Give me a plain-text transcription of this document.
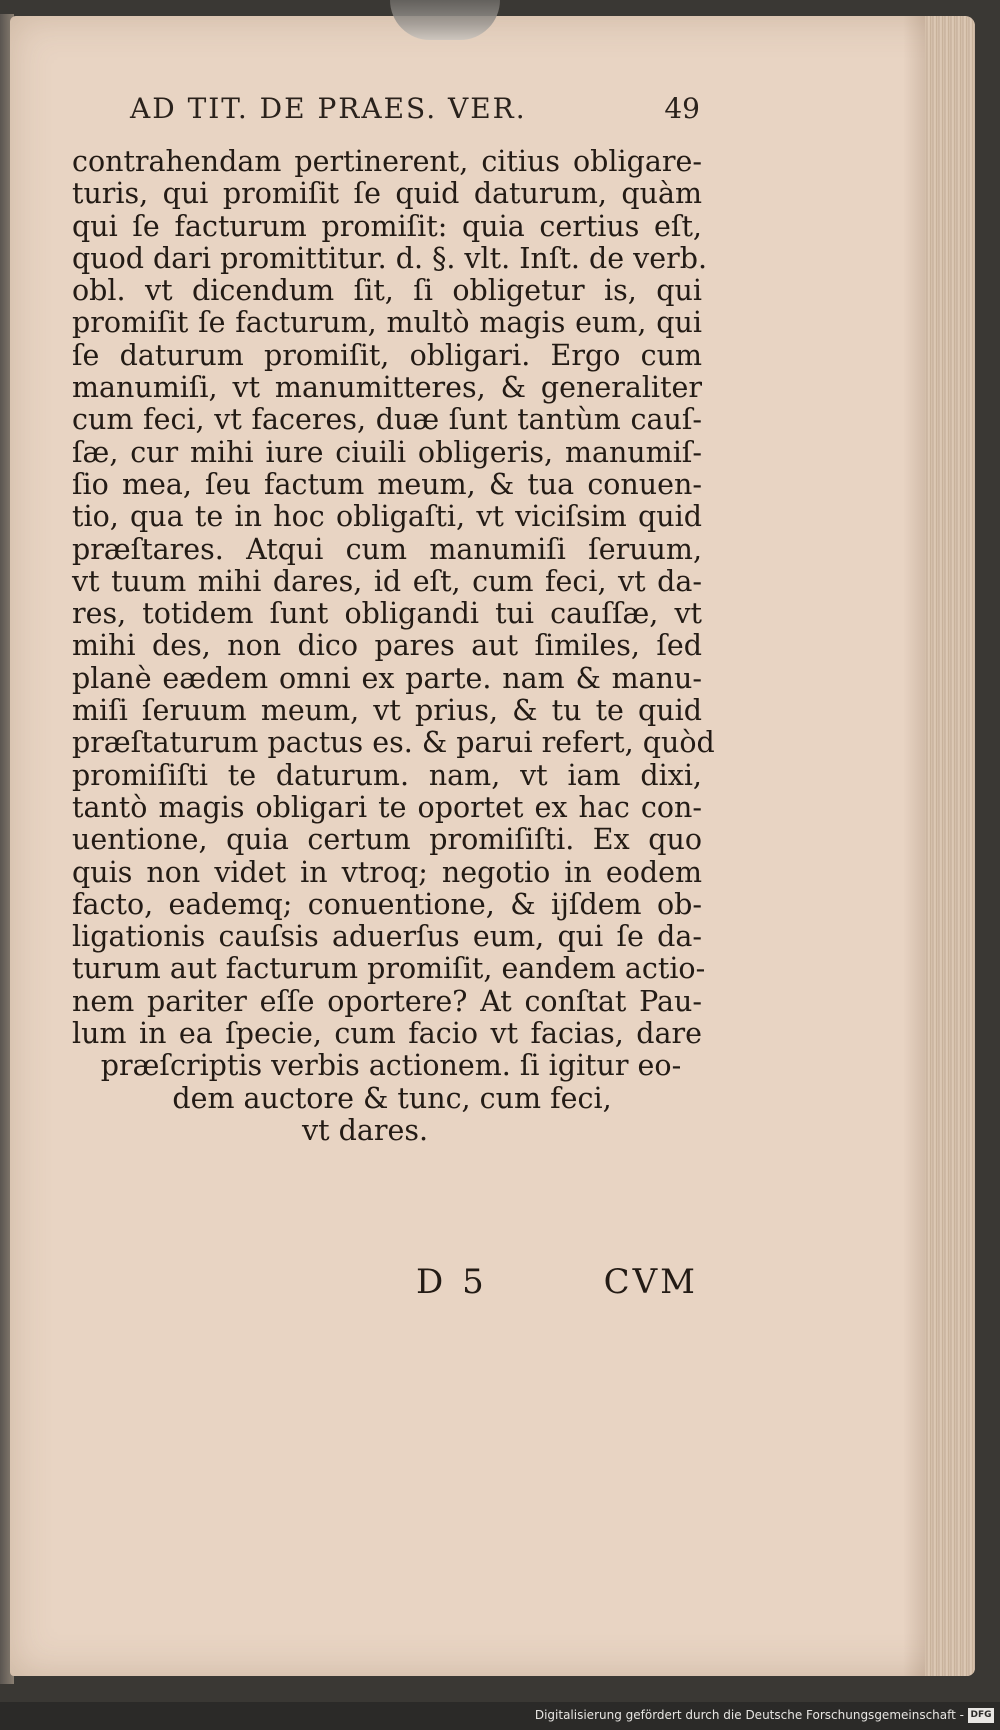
AD TIT. DE PRAES. VER.	49
contrahendam pertinerent, citius obligare-
turis, qui promiſit ſe quid daturum, quàm
qui ſe facturum promiſit: quia certius eſt,
quod dari promittitur. d. §. vlt. Inſt. de verb.
obl. vt dicendum ſit, ſi obligetur is, qui
promiſit ſe facturum, multò magis eum, qui
ſe daturum promiſit, obligari. Ergo cum
manumiſi, vt manumitteres, & generaliter
cum feci, vt faceres, duæ ſunt tantùm cauſ-
ſæ, cur mihi iure ciuili obligeris, manumiſ-
ſio mea, ſeu factum meum, & tua conuen-
tio, qua te in hoc obligaſti, vt viciſsim quid
præſtares. Atqui cum manumiſi ſeruum,
vt tuum mihi dares, id eſt, cum feci, vt da-
res, totidem ſunt obligandi tui cauſſæ, vt
mihi des, non dico pares aut ſimiles, ſed
planè eædem omni ex parte. nam & manu-
miſi ſeruum meum, vt prius, & tu te quid
præſtaturum pactus es. & parui refert, quòd
promiſiſti te daturum. nam, vt iam dixi,
tantò magis obligari te oportet ex hac con-
uentione, quia certum promiſiſti. Ex quo
quis non videt in vtroq; negotio in eodem
facto, eademq; conuentione, & ijſdem ob-
ligationis cauſsis aduerſus eum, qui ſe da-
turum aut facturum promiſit, eandem actio-
nem pariter eſſe oportere? At conſtat Pau-
lum in ea ſpecie, cum facio vt facias, dare
præſcriptis verbis actionem. ſi igitur eo-
dem auctore & tunc, cum feci,
vt dares.
D 5	CVM
Digitalisierung gefördert durch die Deutsche Forschungsgemeinschaft - DFG
